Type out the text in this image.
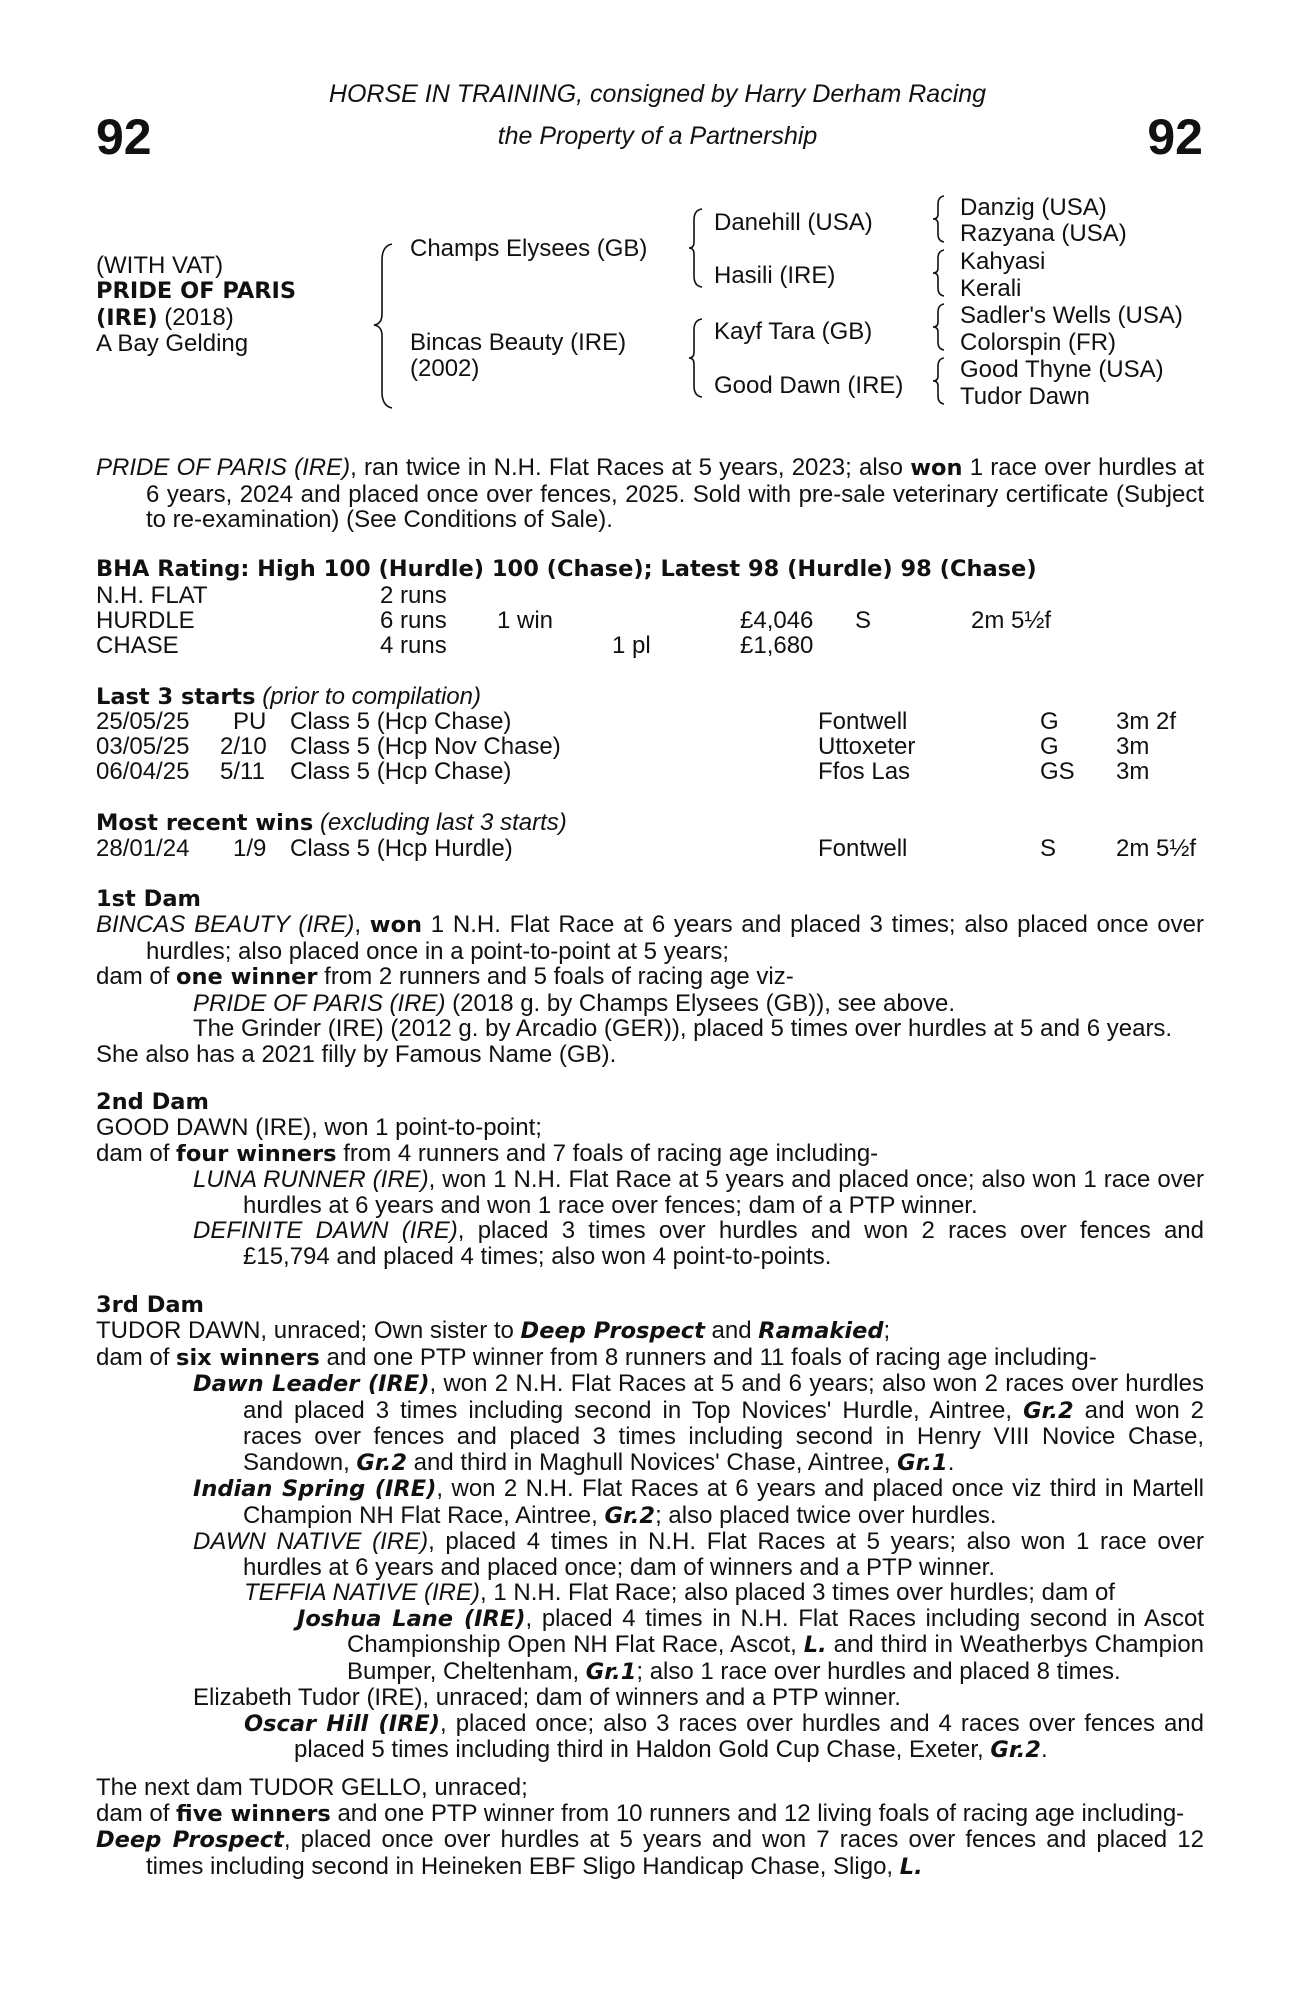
92	92
HORSE IN TRAINING, consigned by Harry Derham Racing
the Property of a Partnership
(WITH VAT)
PRIDE OF PARIS
(IRE) (2018)
A Bay Gelding
Champs Elysees (GB)
Bincas Beauty (IRE)
(2002)
Danehill (USA)
Hasili (IRE)
Kayf Tara (GB)
Good Dawn (IRE)
Danzig (USA)
Razyana (USA)
Kahyasi
Kerali
Sadler's Wells (USA)
Colorspin (FR)
Good Thyne (USA)
Tudor Dawn

PRIDE OF PARIS (IRE), ran twice in N.H. Flat Races at 5 years, 2023; also won 1 race over hurdles at 6 years, 2024 and placed once over fences, 2025. Sold with pre-sale veterinary certificate (Subject to re-examination) (See Conditions of Sale).

BHA Rating: High 100 (Hurdle) 100 (Chase); Latest 98 (Hurdle) 98 (Chase)
N.H. FLAT	2 runs
HURDLE	6 runs 1 win	£4,046 S	2m 5½f
CHASE	4 runs	1 pl	£1,680
Last 3 starts (prior to compilation)
25/05/25 PU Class 5 (Hcp Chase)	Fontwell	G 3m 2f
03/05/25 2/10 Class 5 (Hcp Nov Chase)	Uttoxeter	G 3m
06/04/25 5/11 Class 5 (Hcp Chase)	Ffos Las	GS 3m
Most recent wins (excluding last 3 starts)
28/01/24 1/9 Class 5 (Hcp Hurdle)	Fontwell	S 2m 5½f
1st Dam

BINCAS BEAUTY (IRE), won 1 N.H. Flat Race at 6 years and placed 3 times; also placed once over hurdles; also placed once in a point-to-point at 5 years;

dam of one winner from 2 runners and 5 foals of racing age viz-

PRIDE OF PARIS (IRE) (2018 g. by Champs Elysees (GB)), see above.

The Grinder (IRE) (2012 g. by Arcadio (GER)), placed 5 times over hurdles at 5 and 6 years.

She also has a 2021 filly by Famous Name (GB).

2nd Dam

GOOD DAWN (IRE), won 1 point-to-point;

dam of four winners from 4 runners and 7 foals of racing age including-

LUNA RUNNER (IRE), won 1 N.H. Flat Race at 5 years and placed once; also won 1 race over hurdles at 6 years and won 1 race over fences; dam of a PTP winner.

DEFINITE DAWN (IRE), placed 3 times over hurdles and won 2 races over fences and £15,794 and placed 4 times; also won 4 point-to-points.

3rd Dam

TUDOR DAWN, unraced; Own sister to Deep Prospect and Ramakied;

dam of six winners and one PTP winner from 8 runners and 11 foals of racing age including-

Dawn Leader (IRE), won 2 N.H. Flat Races at 5 and 6 years; also won 2 races over hurdles and placed 3 times including second in Top Novices' Hurdle, Aintree, Gr.2 and won 2 races over fences and placed 3 times including second in Henry VIII Novice Chase, Sandown, Gr.2 and third in Maghull Novices' Chase, Aintree, Gr.1.

Indian Spring (IRE), won 2 N.H. Flat Races at 6 years and placed once viz third in Martell Champion NH Flat Race, Aintree, Gr.2; also placed twice over hurdles.

DAWN NATIVE (IRE), placed 4 times in N.H. Flat Races at 5 years; also won 1 race over hurdles at 6 years and placed once; dam of winners and a PTP winner.

TEFFIA NATIVE (IRE), 1 N.H. Flat Race; also placed 3 times over hurdles; dam of

Joshua Lane (IRE), placed 4 times in N.H. Flat Races including second in Ascot Championship Open NH Flat Race, Ascot, L. and third in Weatherbys Champion Bumper, Cheltenham, Gr.1; also 1 race over hurdles and placed 8 times.

Elizabeth Tudor (IRE), unraced; dam of winners and a PTP winner.

Oscar Hill (IRE), placed once; also 3 races over hurdles and 4 races over fences and placed 5 times including third in Haldon Gold Cup Chase, Exeter, Gr.2.

The next dam TUDOR GELLO, unraced;

dam of five winners and one PTP winner from 10 runners and 12 living foals of racing age including-

Deep Prospect, placed once over hurdles at 5 years and won 7 races over fences and placed 12 times including second in Heineken EBF Sligo Handicap Chase, Sligo, L.
